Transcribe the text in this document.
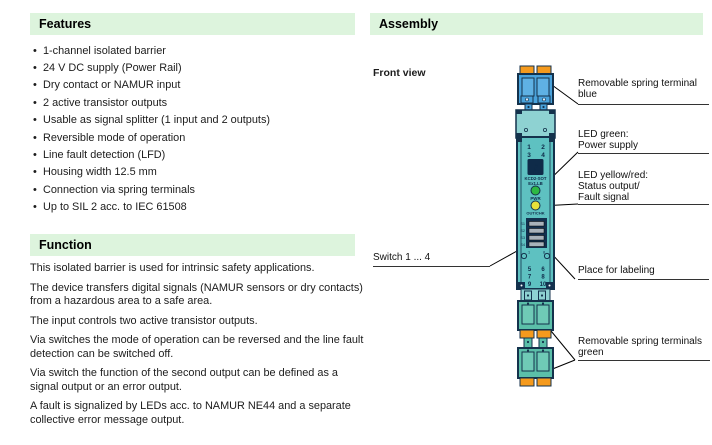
Features
• 1-channel isolated barrier
• 24 V DC supply (Power Rail)
• Dry contact or NAMUR input
• 2 active transistor outputs
• Usable as signal splitter (1 input and 2 outputs)
• Reversible mode of operation
• Line fault detection (LFD)
• Housing width 12.5 mm
• Connection via spring terminals
• Up to SIL 2 acc. to IEC 61508
Function

This isolated barrier is used for intrinsic safety applications.

The device transfers digital signals (NAMUR sensors or dry contacts) from a hazardous area to a safe area.

The input controls two active transistor outputs.

Via switches the mode of operation can be reversed and the line fault detection can be switched off.

Via switch the function of the second output can be defined as a signal output or an error output.

A fault is signalized by LEDs acc. to NAMUR NE44 and a separate collective error message output.

Assembly
Front view
1 2
3 4
ƒ
KCD2-SOT
Ex1.LB
PWR
OUT/CHK
S1
S2
S3
S4
1	8
5 6
7 8
9 10
Removable spring terminal
blue
LED green:
Power supply
LED yellow/red:
Status output/
Fault signal
Switch 1 ... 4
Place for labeling
Removable spring terminals
green
